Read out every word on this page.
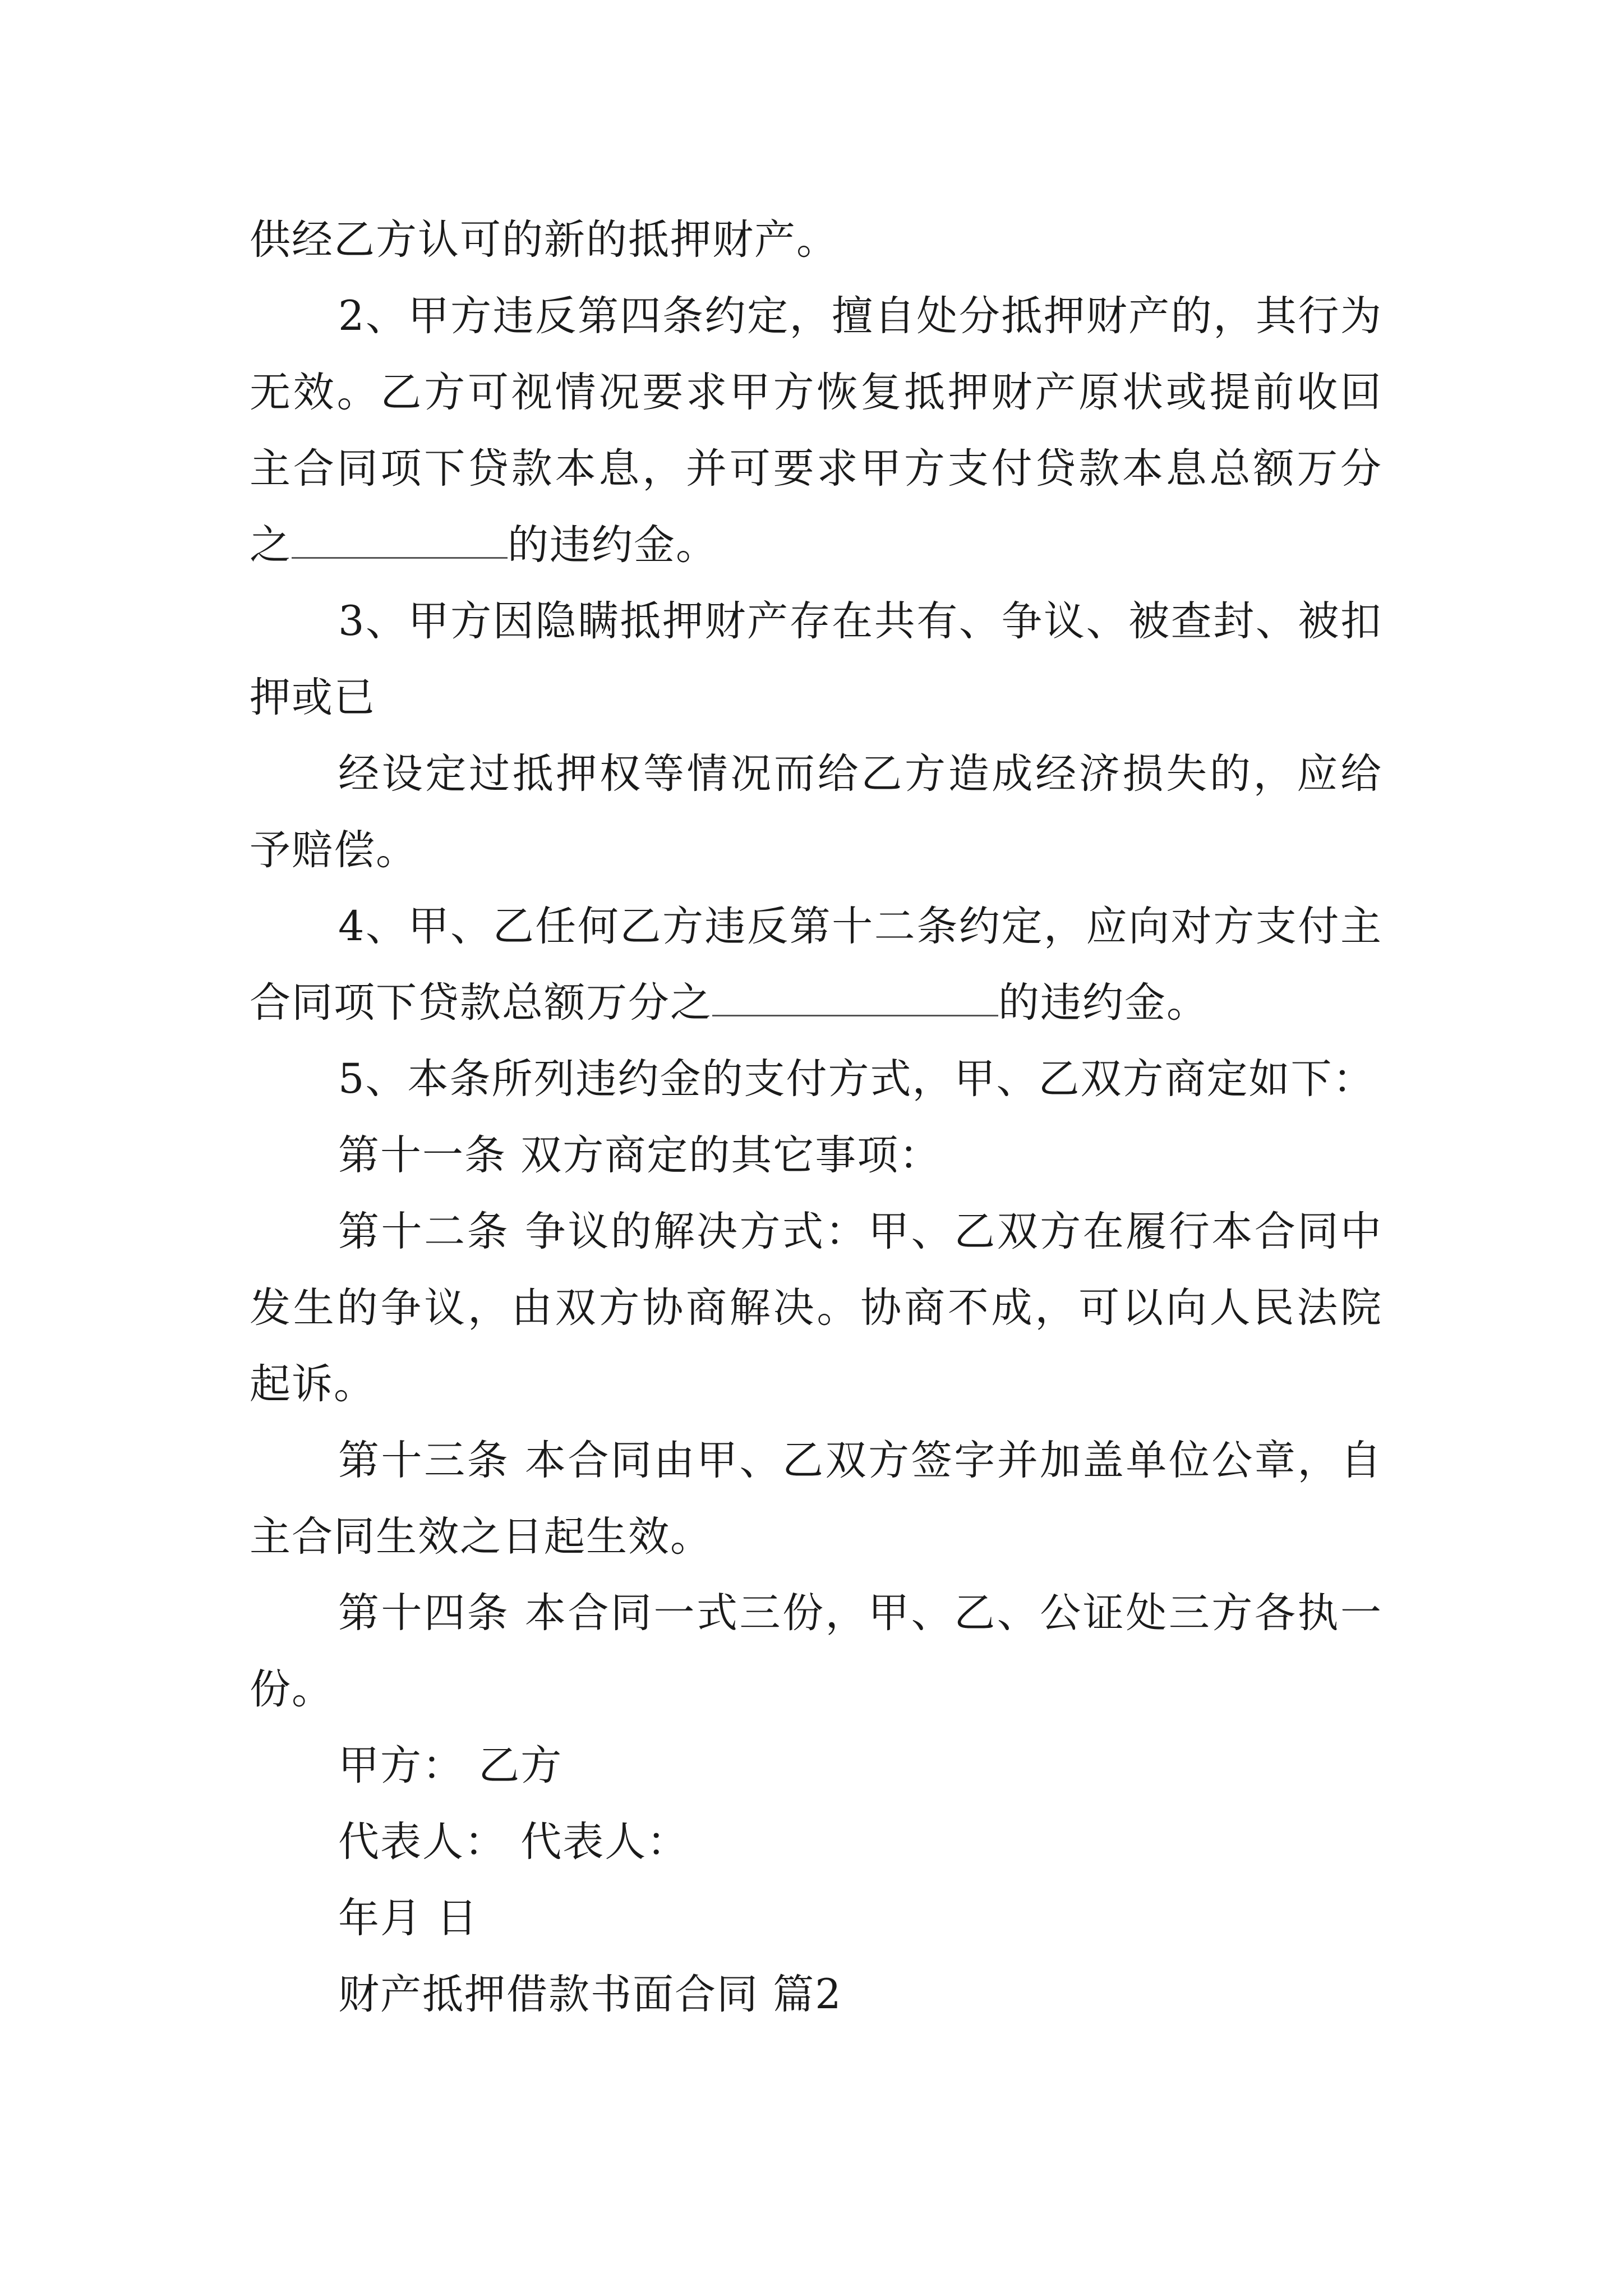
供经乙方认可的新的抵押财产。

2、甲方违反第四条约定，擅自处分抵押财产的，其行为无效。乙方可视情况要求甲方恢复抵押财产原状或提前收回主合同项下贷款本息，并可要求甲方支付贷款本息总额万分之	的违约金。

3、甲方因隐瞒抵押财产存在共有、争议、被查封、被扣押或已

经设定过抵押权等情况而给乙方造成经济损失的，应给予赔偿。

4、甲、乙任何乙方违反第十二条约定，应向对方支付主合同项下贷款总额万分之	的违约金。

5、本条所列违约金的支付方式，甲、乙双方商定如下：

第十一条 双方商定的其它事项：

第十二条 争议的解决方式：甲、乙双方在履行本合同中发生的争议，由双方协商解决。协商不成，可以向人民法院起诉。

第十三条 本合同由甲、乙双方签字并加盖单位公章，自主合同生效之日起生效。

第十四条 本合同一式三份，甲、乙、公证处三方各执一份。

甲方： 乙方

代表人： 代表人：

年月 日

财产抵押借款书面合同 篇2
